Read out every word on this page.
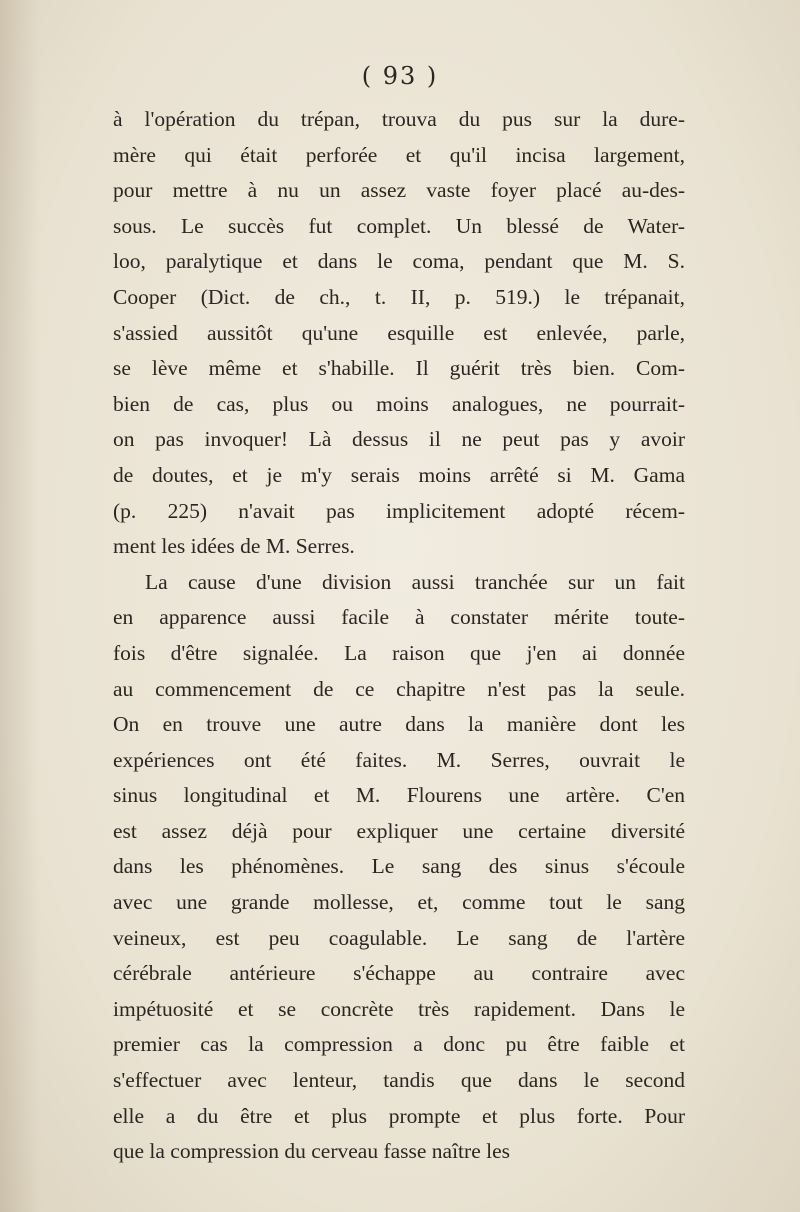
( 93 )
à l'opération du trépan, trouva du pus sur la dure-
mère qui était perforée et qu'il incisa largement,
pour mettre à nu un assez vaste foyer placé au-des-
sous. Le succès fut complet. Un blessé de Water-
loo, paralytique et dans le coma, pendant que M. S.
Cooper (Dict. de ch., t. II, p. 519.) le trépanait,
s'assied aussitôt qu'une esquille est enlevée, parle,
se lève même et s'habille. Il guérit très bien. Com-
bien de cas, plus ou moins analogues, ne pourrait-
on pas invoquer! Là dessus il ne peut pas y avoir
de doutes, et je m'y serais moins arrêté si M. Gama
(p. 225) n'avait pas implicitement adopté récem-
ment les idées de M. Serres.
La cause d'une division aussi tranchée sur un fait
en apparence aussi facile à constater mérite toute-
fois d'être signalée. La raison que j'en ai donnée
au commencement de ce chapitre n'est pas la seule.
On en trouve une autre dans la manière dont les
expériences ont été faites. M. Serres, ouvrait le
sinus longitudinal et M. Flourens une artère. C'en
est assez déjà pour expliquer une certaine diversité
dans les phénomènes. Le sang des sinus s'écoule
avec une grande mollesse, et, comme tout le sang
veineux, est peu coagulable. Le sang de l'artère
cérébrale antérieure s'échappe au contraire avec
impétuosité et se concrète très rapidement. Dans le
premier cas la compression a donc pu être faible et
s'effectuer avec lenteur, tandis que dans le second
elle a du être et plus prompte et plus forte. Pour
que la compression du cerveau fasse naître les
